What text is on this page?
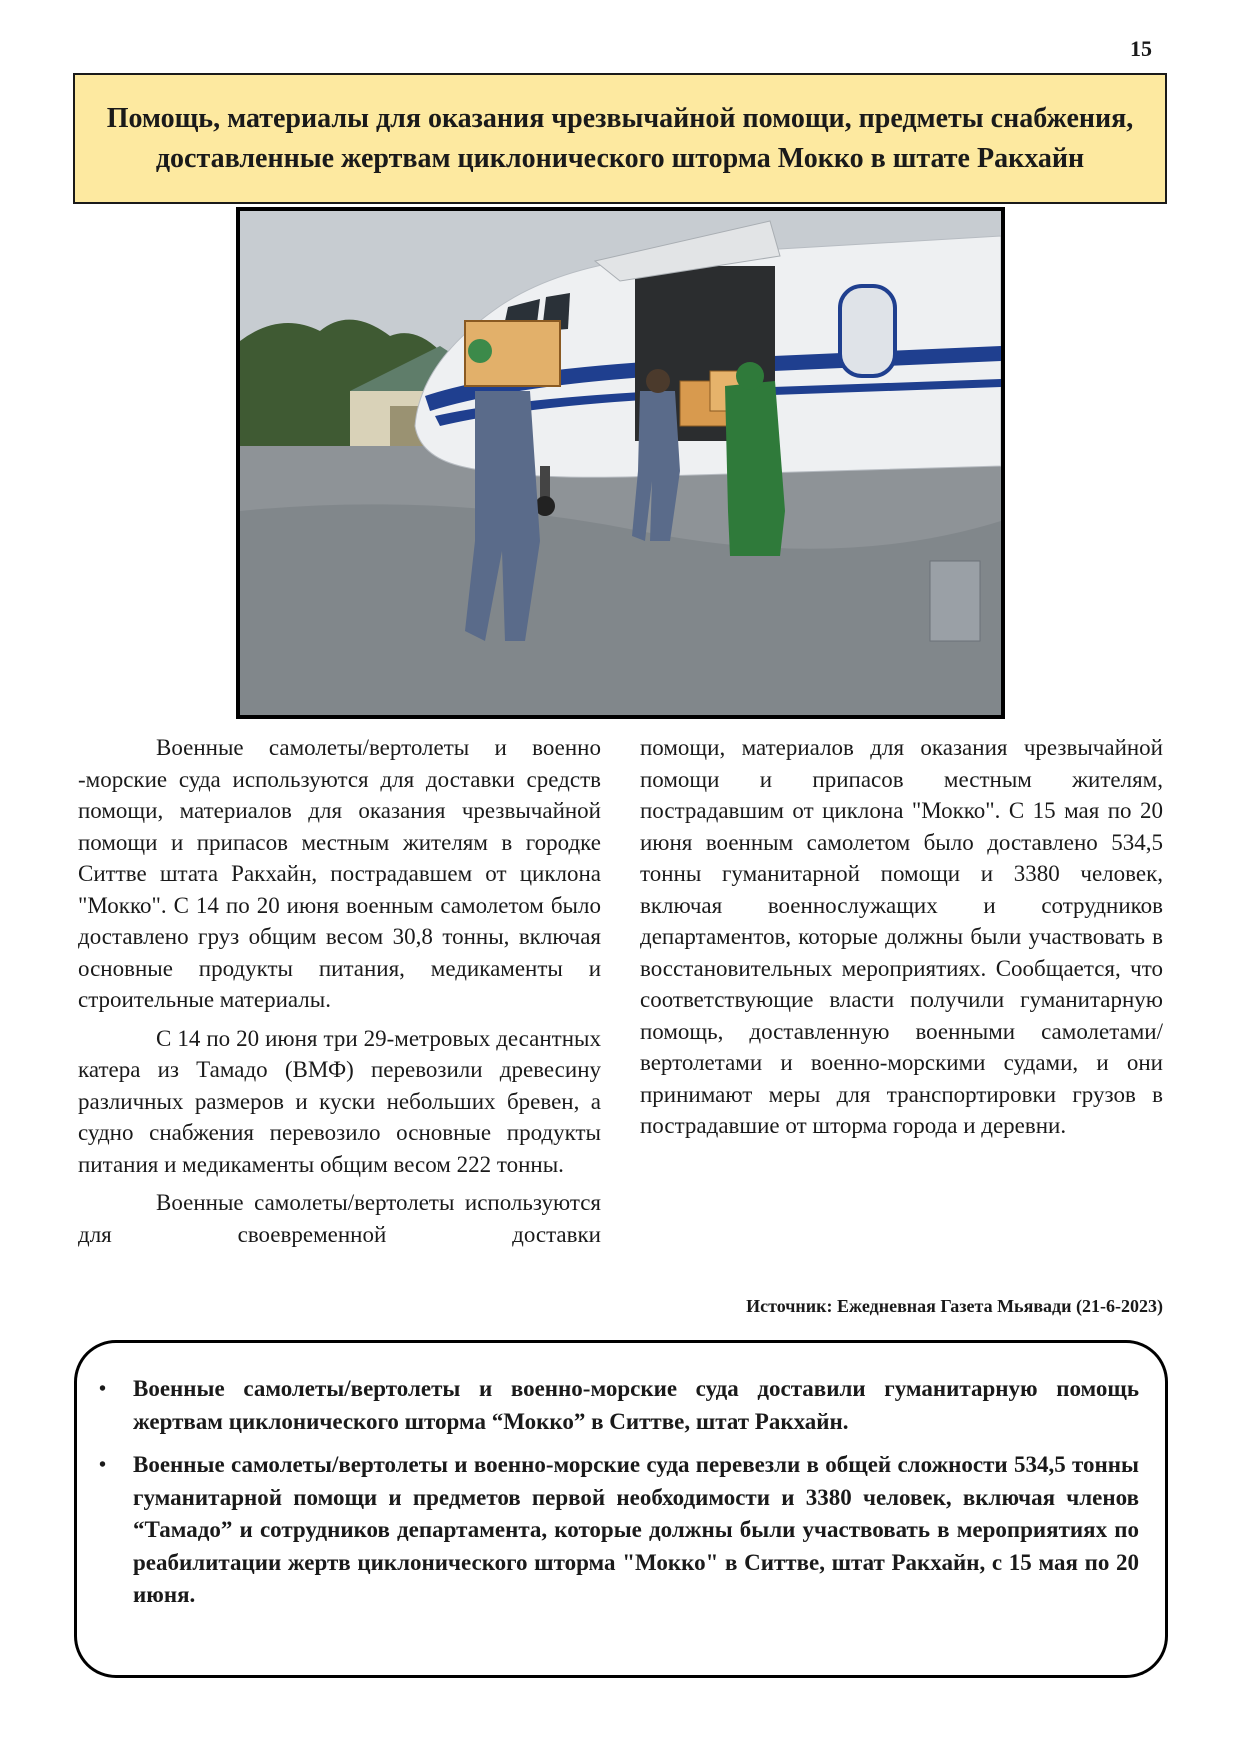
15
Помощь, материалы для оказания чрезвычайной помощи, предметы снабжения, доставленные жертвам циклонического шторма Мокко в штате Ракхайн

Военные самолеты/вертолеты и военно -морские суда используются для доставки средств помощи, материалов для оказания чрезвычайной помощи и припасов местным жителям в городке Ситтве штата Ракхайн, пострадавшем от циклона "Мокко". С 14 по 20 июня военным самолетом было доставлено груз общим весом 30,8 тонны, включая основные продукты питания, медикаменты и строительные материалы.

С 14 по 20 июня три 29-метровых десантных катера из Тамадо (ВМФ) перевозили древесину различных размеров и куски небольших бревен, а судно снабжения перевозило основные продукты питания и медикаменты общим весом 222 тонны.

Военные самолеты/вертолеты используются для своевременной доставки

помощи, материалов для оказания чрезвычайной помощи и припасов местным жителям, пострадавшим от циклона "Мокко". С 15 мая по 20 июня военным самолетом было доставлено 534,5 тонны гуманитарной помощи и 3380 человек, включая военнослужащих и сотрудников департаментов, которые должны были участвовать в восстановительных мероприятиях. Сообщается, что соответствующие власти получили гуманитарную помощь, доставленную военными самолетами/вертолетами и военно-морскими судами, и они принимают меры для транспортировки грузов в пострадавшие от шторма города и деревни.

Источник: Ежедневная Газета Мьявади (21-6-2023)
• Военные самолеты/вертолеты и военно-морские суда доставили гуманитарную помощь жертвам циклонического шторма “Мокко” в Ситтве, штат Ракхайн.
• Военные самолеты/вертолеты и военно-морские суда перевезли в общей сложности 534,5 тонны гуманитарной помощи и предметов первой необходимости и 3380 человек, включая членов “Тамадо” и сотрудников департамента, которые должны были участвовать в мероприятиях по реабилитации жертв циклонического шторма "Мокко" в Ситтве, штат Ракхайн, с 15 мая по 20 июня.
